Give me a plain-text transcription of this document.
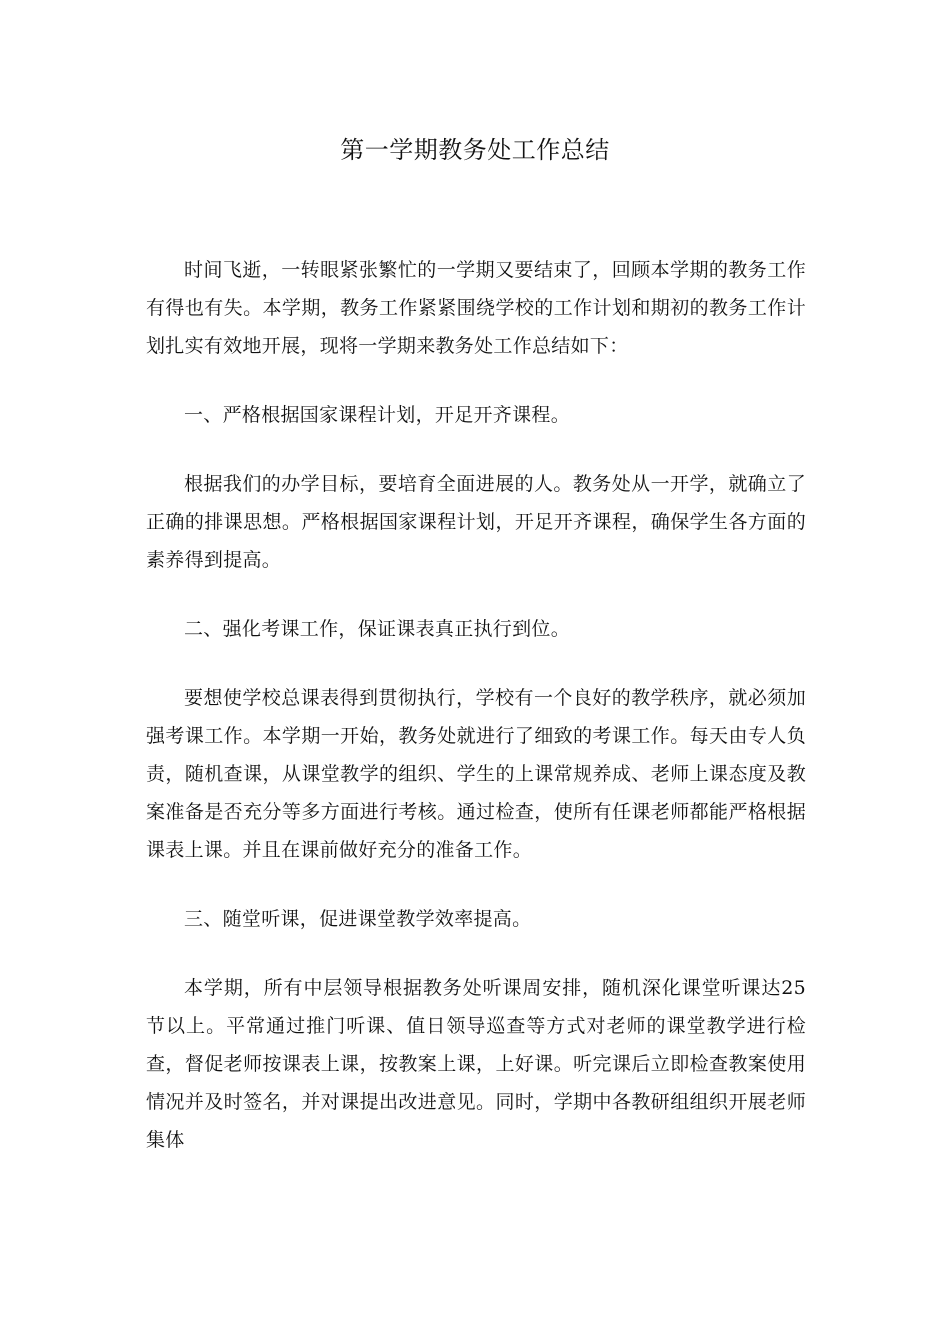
第一学期教务处工作总结

时间飞逝，一转眼紧张繁忙的一学期又要结束了，回顾本学期的教务工作有得也有失。本学期，教务工作紧紧围绕学校的工作计划和期初的教务工作计划扎实有效地开展，现将一学期来教务处工作总结如下：

一、严格根据国家课程计划，开足开齐课程。

根据我们的办学目标，要培育全面进展的人。教务处从一开学，就确立了正确的排课思想。严格根据国家课程计划，开足开齐课程，确保学生各方面的素养得到提高。

二、强化考课工作，保证课表真正执行到位。

要想使学校总课表得到贯彻执行，学校有一个良好的教学秩序，就必须加强考课工作。本学期一开始，教务处就进行了细致的考课工作。每天由专人负责，随机查课，从课堂教学的组织、学生的上课常规养成、老师上课态度及教案准备是否充分等多方面进行考核。通过检查，使所有任课老师都能严格根据课表上课。并且在课前做好充分的准备工作。

三、随堂听课，促进课堂教学效率提高。

本学期，所有中层领导根据教务处听课周安排，随机深化课堂听课达25节以上。平常通过推门听课、值日领导巡查等方式对老师的课堂教学进行检查，督促老师按课表上课，按教案上课，上好课。听完课后立即检查教案使用情况并及时签名，并对课提出改进意见。同时，学期中各教研组组织开展老师集体
